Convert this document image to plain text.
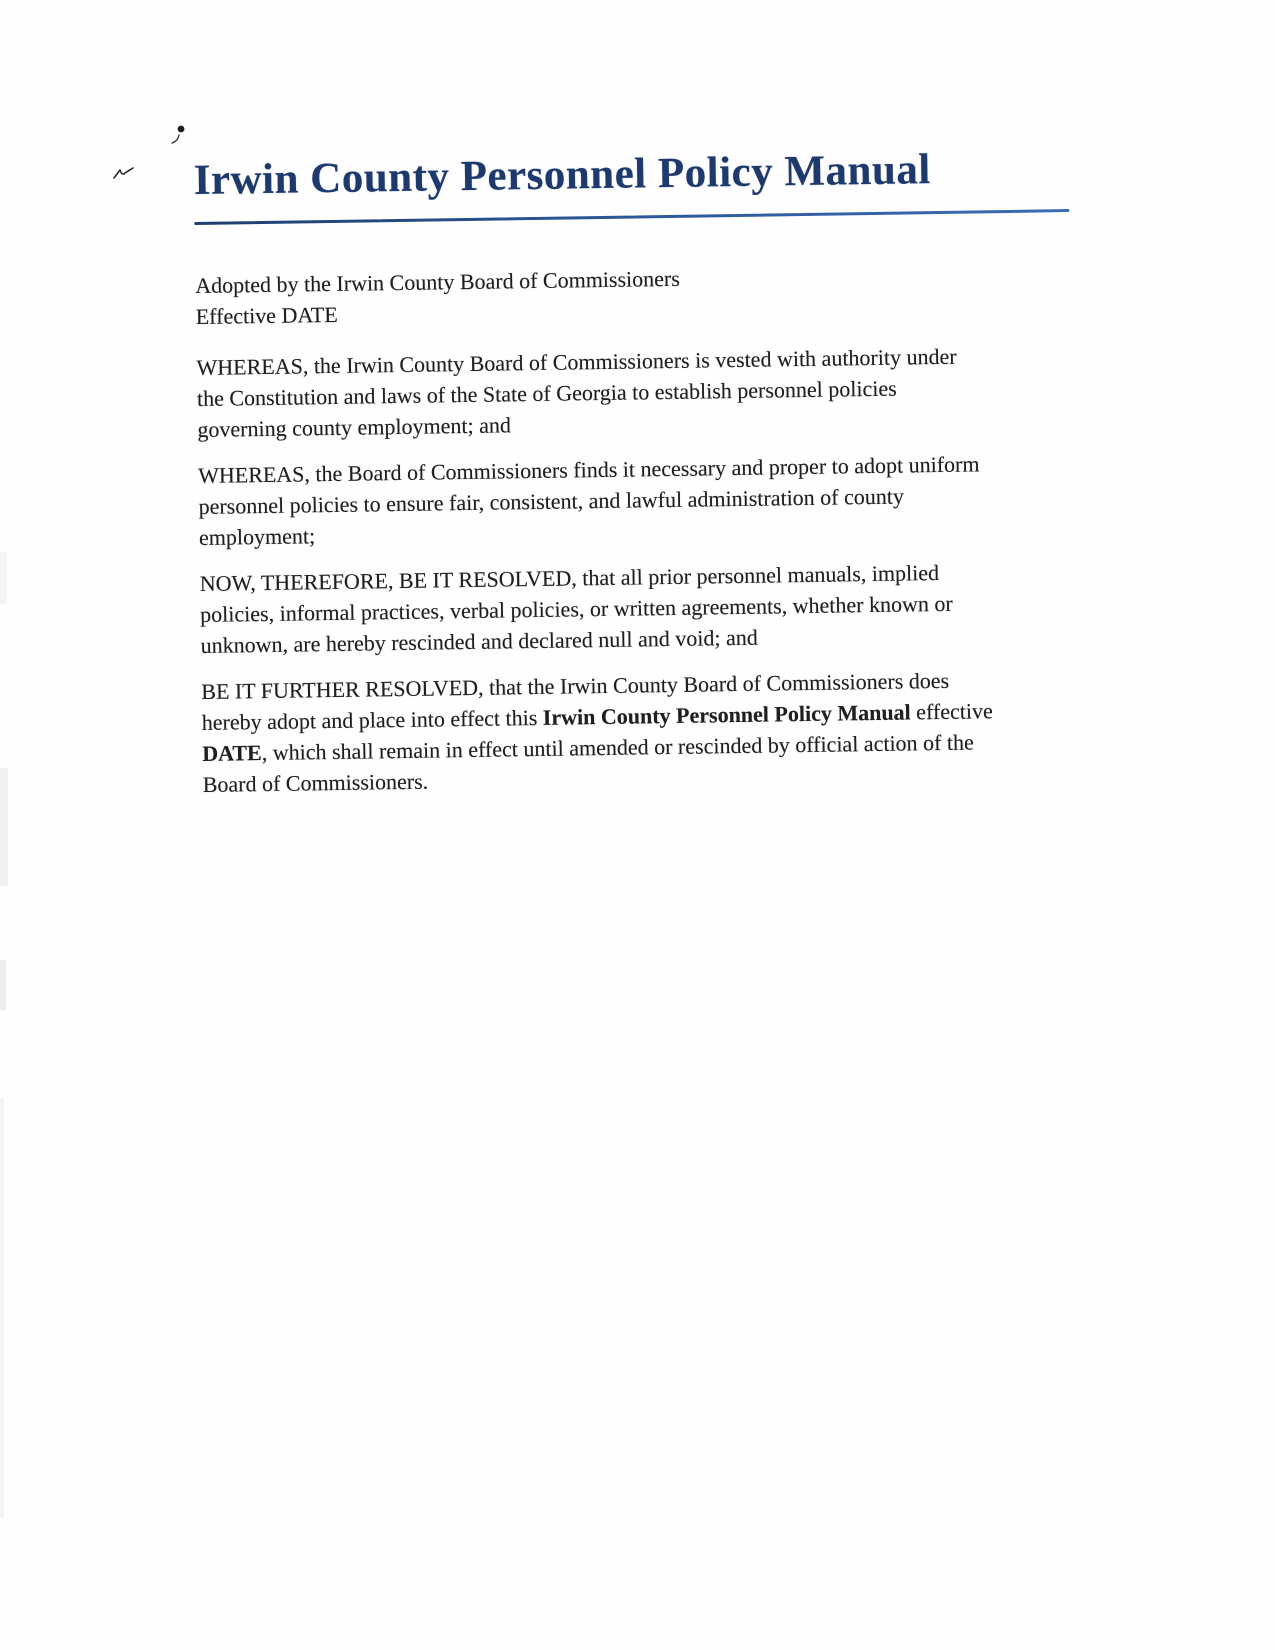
Irwin County Personnel Policy Manual
Adopted by the Irwin County Board of Commissioners
Effective DATE
WHEREAS, the Irwin County Board of Commissioners is vested with authority under
the Constitution and laws of the State of Georgia to establish personnel policies
governing county employment; and
WHEREAS, the Board of Commissioners finds it necessary and proper to adopt uniform
personnel policies to ensure fair, consistent, and lawful administration of county
employment;
NOW, THEREFORE, BE IT RESOLVED, that all prior personnel manuals, implied
policies, informal practices, verbal policies, or written agreements, whether known or
unknown, are hereby rescinded and declared null and void; and
BE IT FURTHER RESOLVED, that the Irwin County Board of Commissioners does
hereby adopt and place into effect this Irwin County Personnel Policy Manual effective
DATE, which shall remain in effect until amended or rescinded by official action of the
Board of Commissioners.
